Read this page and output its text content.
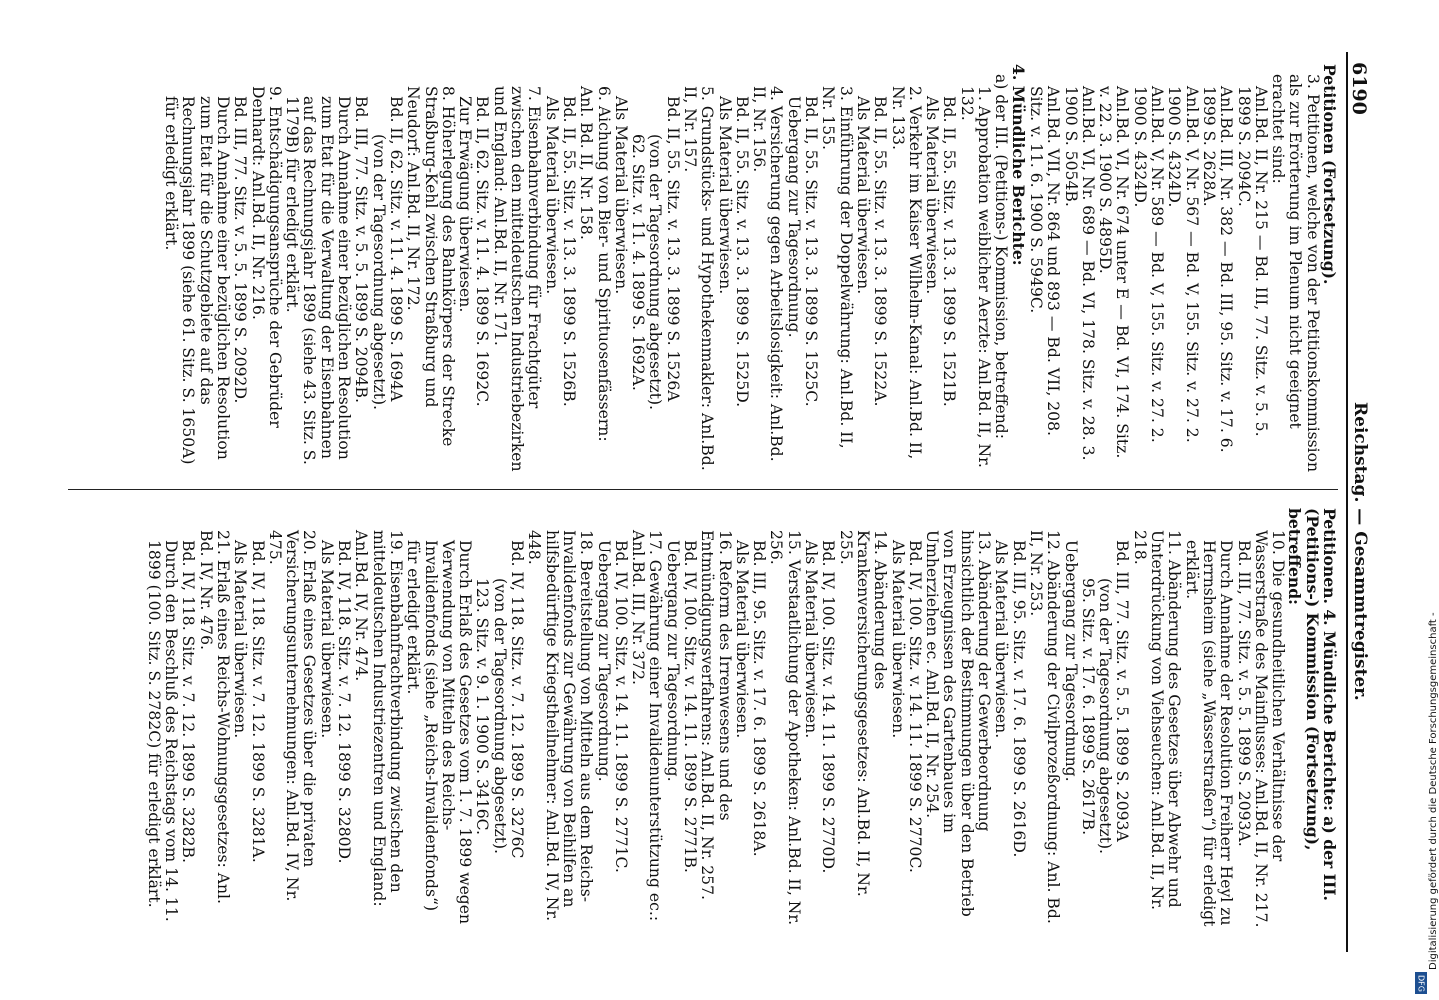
6190
Reichstag. — Gesammtregister.
Petitionen (Fortsetzung).
3. Petitionen, welche von der Petitionskommission als zur Erörterung im Plenum nicht geeignet erachtet sind:
Anl.Bd. II, Nr. 215 — Bd. III, 77. Sitz. v. 5. 5. 1899 S. 2094C.
Anl.Bd. III, Nr. 382 — Bd. III, 95. Sitz. v. 17. 6. 1899 S. 2628A.
Anl.Bd. V, Nr. 567 — Bd. V, 155. Sitz. v. 27. 2. 1900 S. 4324D.
Anl.Bd. V, Nr. 589 — Bd. V, 155. Sitz. v. 27. 2. 1900 S. 4324D.
Anl.Bd. VI, Nr. 674 unter E — Bd. VI, 174. Sitz. v. 22. 3. 1900 S. 4895D.
Anl.Bd. VI, Nr. 689 — Bd. VI, 178. Sitz. v. 28. 3. 1900 S. 5054B.
Anl.Bd. VII, Nr. 864 und 893 — Bd. VII, 208. Sitz. v. 11. 6. 1900 S. 5949C.
4. Mündliche Berichte:
a) der III. (Petitions-) Kommission, betreffend:
1. Approbation weiblicher Aerzte: Anl.Bd. II, Nr. 132.
Bd. II, 55. Sitz. v. 13. 3. 1899 S. 1521B.
Als Material überwiesen.
2. Verkehr im Kaiser Wilhelm-Kanal: Anl.Bd. II, Nr. 133.
Bd. II, 55. Sitz. v. 13. 3. 1899 S. 1522A.
Als Material überwiesen.
3. Einführung der Doppelwährung: Anl.Bd. II, Nr. 155.
Bd. II, 55. Sitz. v. 13. 3. 1899 S. 1525C.
Uebergang zur Tagesordnung.
4. Versicherung gegen Arbeitslosigkeit: Anl.Bd. II, Nr. 156.
Bd. II, 55. Sitz. v. 13. 3. 1899 S. 1525D.
Als Material überwiesen.
5. Grundstücks- und Hypothekenmakler: Anl.Bd. II, Nr. 157.
Bd. II, 55. Sitz. v. 13. 3. 1899 S. 1526A
(von der Tagesordnung abgesetzt).
62. Sitz. v. 11. 4. 1899 S. 1692A.
Als Material überwiesen.
6. Aichung von Bier- und Spirituosenfässern: Anl. Bd. II, Nr. 158.
Bd. II, 55. Sitz. v. 13. 3. 1899 S. 1526B.
Als Material überwiesen.
7. Eisenbahnverbindung für Frachtgüter zwischen den mitteldeutschen Industriebezirken und England: Anl.Bd. II, Nr. 171.
Bd. II, 62. Sitz. v. 11. 4. 1899 S. 1692C.
Zur Erwägung überwiesen.
8. Höherlegung des Bahnkörpers der Strecke Straßburg-Kehl zwischen Straßburg und Neudorf: Anl.Bd. II, Nr. 172.
Bd. II, 62. Sitz. v. 11. 4. 1899 S. 1694A
(von der Tagesordnung abgesetzt).
Bd. III, 77. Sitz. v. 5. 5. 1899 S. 2094B.
Durch Annahme einer bezüglichen Resolution zum Etat für die Verwaltung der Eisenbahnen auf das Rechnungsjahr 1899 (siehe 43. Sitz. S. 1179B) für erledigt erklärt.
9. Entschädigungsansprüche der Gebrüder Denhardt: Anl.Bd. II, Nr. 216.
Bd. III, 77. Sitz. v. 5. 5. 1899 S. 2092D.
Durch Annahme einer bezüglichen Resolution zum Etat für die Schutzgebiete auf das Rechnungsjahr 1899 (siehe 61. Sitz. S. 1650A) für erledigt erklärt.
Petitionen. 4. Mündliche Berichte: a) der III. (Petitions-) Kommission (Fortsetzung), betreffend:
10. Die gesundheitlichen Verhältnisse der Wasserstraße des Mainflusses: Anl.Bd. II, Nr. 217.
Bd. III, 77. Sitz. v. 5. 5. 1899 S. 2093A.
Durch Annahme der Resolution Freiherr Heyl zu Herrnsheim (siehe „Wasserstraßen“) für erledigt erklärt.
11. Abänderung des Gesetzes über Abwehr und Unterdrückung von Viehseuchen: Anl.Bd. II, Nr. 218.
Bd. III, 77. Sitz. v. 5. 5. 1899 S. 2093A
(von der Tagesordnung abgesetzt).
95. Sitz. v. 17. 6. 1899 S. 2617B.
Uebergang zur Tagesordnung.
12. Abänderung der Civilprozeßordnung: Anl. Bd. II, Nr. 253.
Bd. III, 95. Sitz. v. 17. 6. 1899 S. 2616D.
Als Material überwiesen.
13. Abänderung der Gewerbeordnung hinsichtlich der Bestimmungen über den Betrieb von Erzeugnissen des Gartenbaues im Umherziehen ec. Anl.Bd. II, Nr. 254.
Bd. IV, 100. Sitz. v. 14. 11. 1899 S. 2770C.
Als Material überwiesen.
14. Abänderung des Krankenversicherungsgesetzes: Anl.Bd. II, Nr. 255.
Bd. IV, 100. Sitz. v. 14. 11. 1899 S. 2770D.
Als Material überwiesen.
15. Verstaatlichung der Apotheken: Anl.Bd. II, Nr. 256.
Bd. III, 95. Sitz. v. 17. 6. 1899 S. 2618A.
Als Material überwiesen.
16. Reform des Irrenwesens und des Entmündigungsverfahrens: Anl.Bd. II, Nr. 257.
Bd. IV, 100. Sitz. v. 14. 11. 1899 S. 2771B.
Uebergang zur Tagesordnung.
17. Gewährung einer Invalidenunterstützung ec.: Anl.Bd. III, Nr. 372.
Bd. IV, 100. Sitz. v. 14. 11. 1899 S. 2771C.
Uebergang zur Tagesordnung.
18. Bereitstellung von Mitteln aus dem Reichs-Invalidenfonds zur Gewährung von Beihilfen an hilfsbedürftige Kriegstheilnehmer: Anl.Bd. IV, Nr. 448.
Bd. IV, 118. Sitz. v. 7. 12. 1899 S. 3276C
(von der Tagesordnung abgesetzt).
123. Sitz. v. 9. 1. 1900 S. 3416C.
Durch Erlaß des Gesetzes vom 1. 7. 1899 wegen Verwendung von Mitteln des Reichs-Invalidenfonds (siehe „Reichs-Invalidenfonds“) für erledigt erklärt.
19. Eisenbahnfrachtverbindung zwischen den mitteldeutschen Industriezentren und England: Anl.Bd. IV, Nr. 474.
Bd. IV, 118. Sitz. v. 7. 12. 1899 S. 3280D.
Als Material überwiesen.
20. Erlaß eines Gesetzes über die privaten Versicherungsunternehmungen: Anl.Bd. IV, Nr. 475.
Bd. IV, 118. Sitz. v. 7. 12. 1899 S. 3281A.
Als Material überwiesen.
21. Erlaß eines Reichs-Wohnungsgesetzes: Anl. Bd. IV, Nr. 476.
Bd. IV, 118. Sitz. v. 7. 12. 1899 S. 3282B.
Durch den Beschluß des Reichstags vom 14. 11. 1899 (100. Sitz. S. 2782C) für erledigt erklärt.	Digitalisierung gefördert durch die Deutsche Forschungsgemeinschaft -
DFG
